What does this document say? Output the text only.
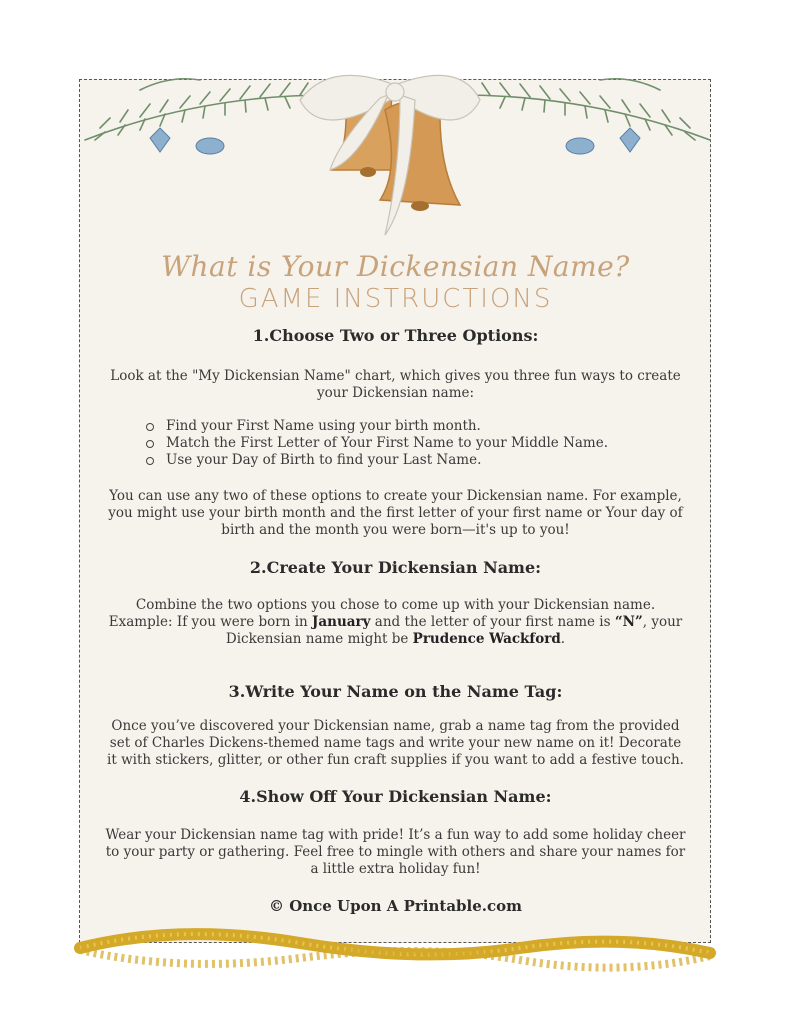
What is Your Dickensian Name?
GAME INSTRUCTIONS
1.Choose Two or Three Options:
Look at the "My Dickensian Name" chart, which gives you three fun ways to create
your Dickensian name:
Find your First Name using your birth month.
Match the First Letter of Your First Name to your Middle Name.
Use your Day of Birth to find your Last Name.
You can use any two of these options to create your Dickensian name. For example,
you might use your birth month and the first letter of your first name or Your day of
birth and the month you were born—it's up to you!
2.Create Your Dickensian Name:
Combine the two options you chose to come up with your Dickensian name.
Example: If you were born in January and the letter of your first name is “N”, your
Dickensian name might be Prudence Wackford.
3.Write Your Name on the Name Tag:
Once you’ve discovered your Dickensian name, grab a name tag from the provided
set of Charles Dickens-themed name tags and write your new name on it! Decorate
it with stickers, glitter, or other fun craft supplies if you want to add a festive touch.
4.Show Off Your Dickensian Name:
Wear your Dickensian name tag with pride! It’s a fun way to add some holiday cheer
to your party or gathering. Feel free to mingle with others and share your names for
a little extra holiday fun!
© Once Upon A Printable.com
